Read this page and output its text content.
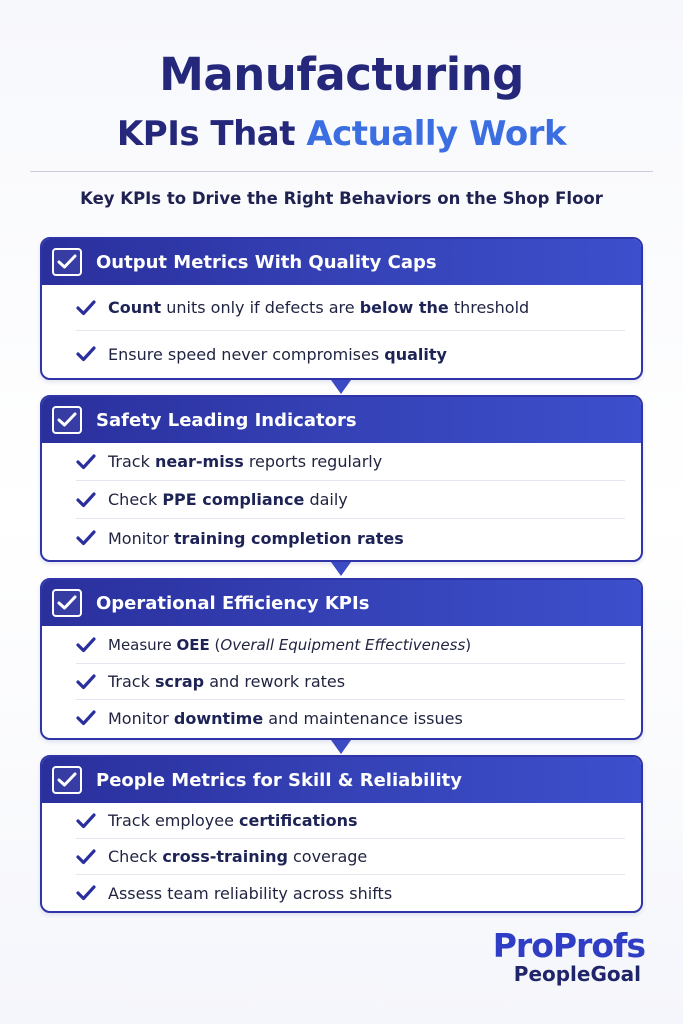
Manufacturing
KPIs That Actually Work
Key KPIs to Drive the Right Behaviors on the Shop Floor
Output Metrics With Quality Caps
Count units only if defects are below the threshold
Ensure speed never compromises quality
Safety Leading Indicators
Track near-miss reports regularly
Check PPE compliance daily
Monitor training completion rates
Operational Efficiency KPIs
Measure OEE (Overall Equipment Effectiveness)
Track scrap and rework rates
Monitor downtime and maintenance issues
People Metrics for Skill & Reliability
Track employee certifications
Check cross-training coverage
Assess team reliability across shifts
ProProfs
PeopleGoal
